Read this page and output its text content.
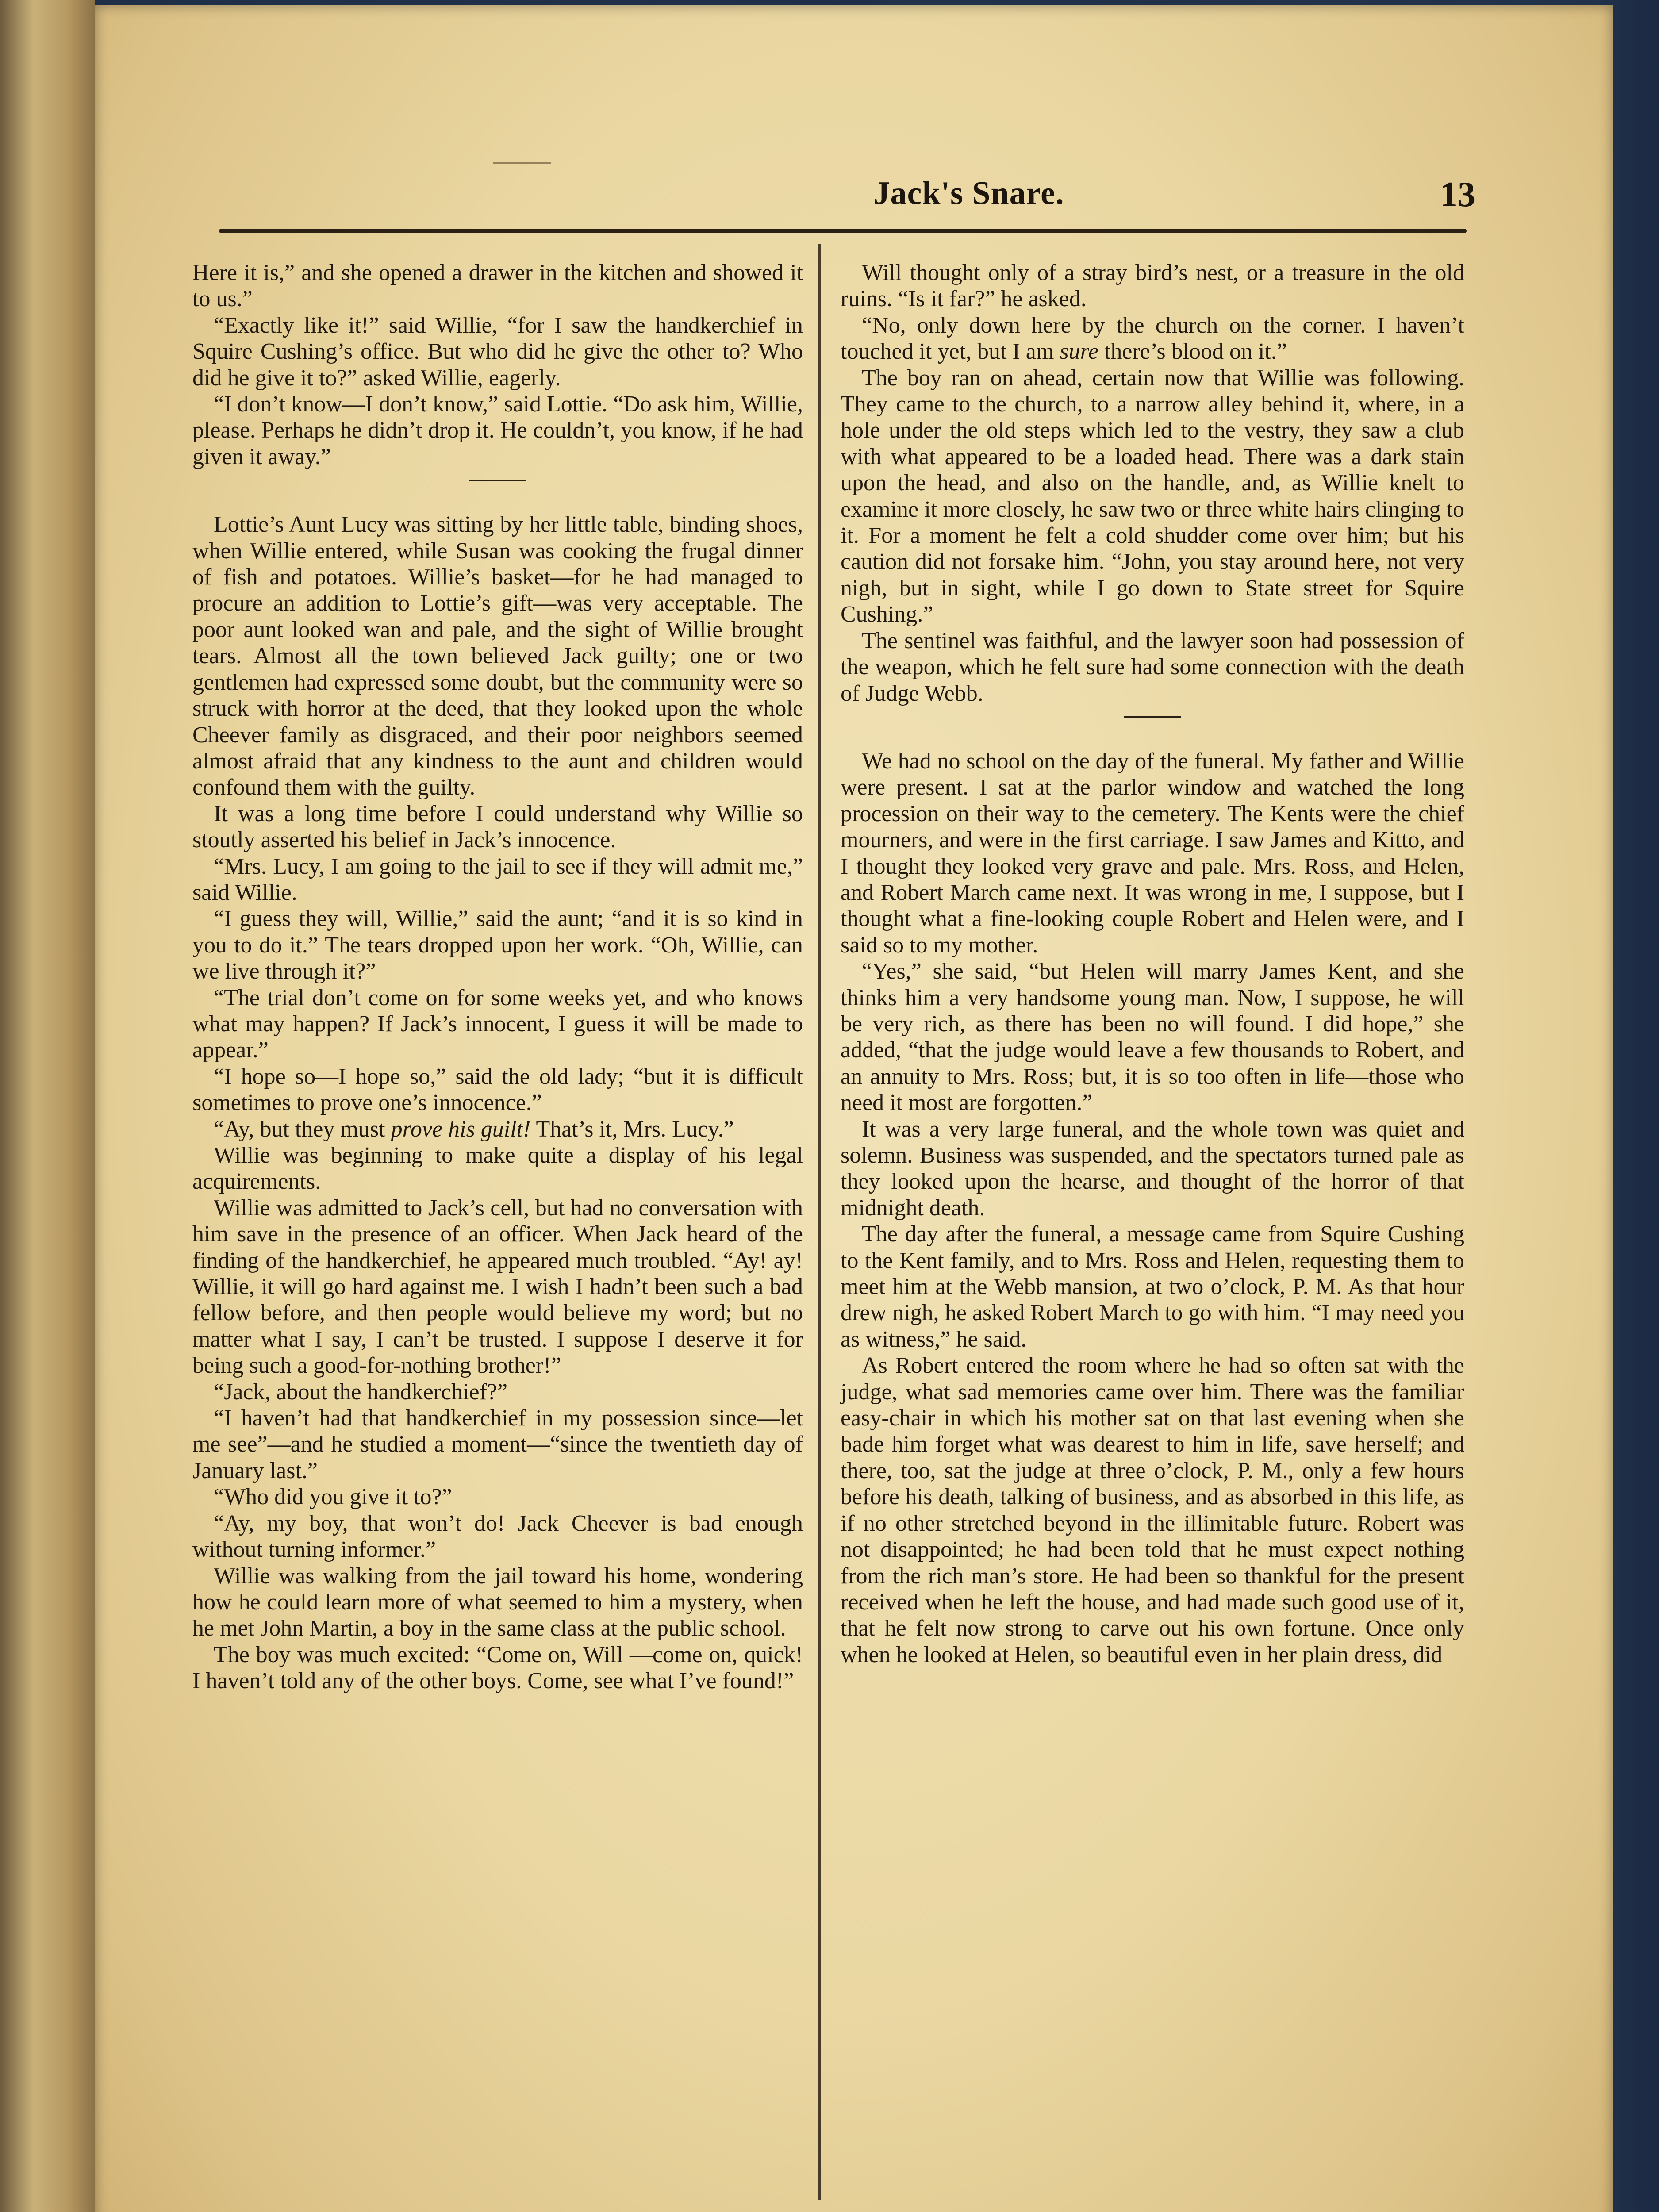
Jack's Snare.	13

Here it is,” and she opened a drawer in the kitchen and showed it to us.”

“Exactly like it!” said Willie, “for I saw the handkerchief in Squire Cushing’s office. But who did he give the other to? Who did he give it to?” asked Willie, eagerly.

“I don’t know—I don’t know,” said Lottie. “Do ask him, Willie, please. Perhaps he didn’t drop it. He couldn’t, you know, if he had given it away.”

Lottie’s Aunt Lucy was sitting by her little table, binding shoes, when Willie entered, while Susan was cooking the frugal dinner of fish and potatoes. Willie’s basket—for he had managed to procure an addition to Lottie’s gift—was very acceptable. The poor aunt looked wan and pale, and the sight of Willie brought tears. Almost all the town believed Jack guilty; one or two gentlemen had expressed some doubt, but the community were so struck with horror at the deed, that they looked upon the whole Cheever family as disgraced, and their poor neighbors seemed almost afraid that any kindness to the aunt and children would confound them with the guilty.

It was a long time before I could understand why Willie so stoutly asserted his belief in Jack’s innocence.

“Mrs. Lucy, I am going to the jail to see if they will admit me,” said Willie.

“I guess they will, Willie,” said the aunt; “and it is so kind in you to do it.” The tears dropped upon her work. “Oh, Willie, can we live through it?”

“The trial don’t come on for some weeks yet, and who knows what may happen? If Jack’s innocent, I guess it will be made to appear.”

“I hope so—I hope so,” said the old lady; “but it is difficult sometimes to prove one’s innocence.”

“Ay, but they must prove his guilt! That’s it, Mrs. Lucy.”

Willie was beginning to make quite a display of his legal acquirements.

Willie was admitted to Jack’s cell, but had no conversation with him save in the presence of an officer. When Jack heard of the finding of the handkerchief, he appeared much troubled. “Ay! ay! Willie, it will go hard against me. I wish I hadn’t been such a bad fellow before, and then people would believe my word; but no matter what I say, I can’t be trusted. I suppose I deserve it for being such a good-for-nothing brother!”

“Jack, about the handkerchief?”

“I haven’t had that handkerchief in my possession since—let me see”—and he studied a moment—“since the twentieth day of January last.”

“Who did you give it to?”

“Ay, my boy, that won’t do! Jack Cheever is bad enough without turning informer.”

Willie was walking from the jail toward his home, wondering how he could learn more of what seemed to him a mystery, when he met John Martin, a boy in the same class at the public school.

The boy was much excited: “Come on, Will —come on, quick! I haven’t told any of the other boys. Come, see what I’ve found!”

Will thought only of a stray bird’s nest, or a treasure in the old ruins. “Is it far?” he asked.

“No, only down here by the church on the corner. I haven’t touched it yet, but I am sure there’s blood on it.”

The boy ran on ahead, certain now that Willie was following. They came to the church, to a narrow alley behind it, where, in a hole under the old steps which led to the vestry, they saw a club with what appeared to be a loaded head. There was a dark stain upon the head, and also on the handle, and, as Willie knelt to examine it more closely, he saw two or three white hairs clinging to it. For a moment he felt a cold shudder come over him; but his caution did not forsake him. “John, you stay around here, not very nigh, but in sight, while I go down to State street for Squire Cushing.”

The sentinel was faithful, and the lawyer soon had possession of the weapon, which he felt sure had some connection with the death of Judge Webb.

We had no school on the day of the funeral. My father and Willie were present. I sat at the parlor window and watched the long procession on their way to the cemetery. The Kents were the chief mourners, and were in the first carriage. I saw James and Kitto, and I thought they looked very grave and pale. Mrs. Ross, and Helen, and Robert March came next. It was wrong in me, I suppose, but I thought what a fine-looking couple Robert and Helen were, and I said so to my mother.

“Yes,” she said, “but Helen will marry James Kent, and she thinks him a very handsome young man. Now, I suppose, he will be very rich, as there has been no will found. I did hope,” she added, “that the judge would leave a few thousands to Robert, and an annuity to Mrs. Ross; but, it is so too often in life—those who need it most are forgotten.”

It was a very large funeral, and the whole town was quiet and solemn. Business was suspended, and the spectators turned pale as they looked upon the hearse, and thought of the horror of that midnight death.

The day after the funeral, a message came from Squire Cushing to the Kent family, and to Mrs. Ross and Helen, requesting them to meet him at the Webb mansion, at two o’clock, P. M. As that hour drew nigh, he asked Robert March to go with him. “I may need you as witness,” he said.

As Robert entered the room where he had so often sat with the judge, what sad memories came over him. There was the familiar easy-chair in which his mother sat on that last evening when she bade him forget what was dearest to him in life, save herself; and there, too, sat the judge at three o’clock, P. M., only a few hours before his death, talking of business, and as absorbed in this life, as if no other stretched beyond in the illimitable future. Robert was not disappointed; he had been told that he must expect nothing from the rich man’s store. He had been so thankful for the present received when he left the house, and had made such good use of it, that he felt now strong to carve out his own fortune. Once only when he looked at Helen, so beautiful even in her plain dress, did
